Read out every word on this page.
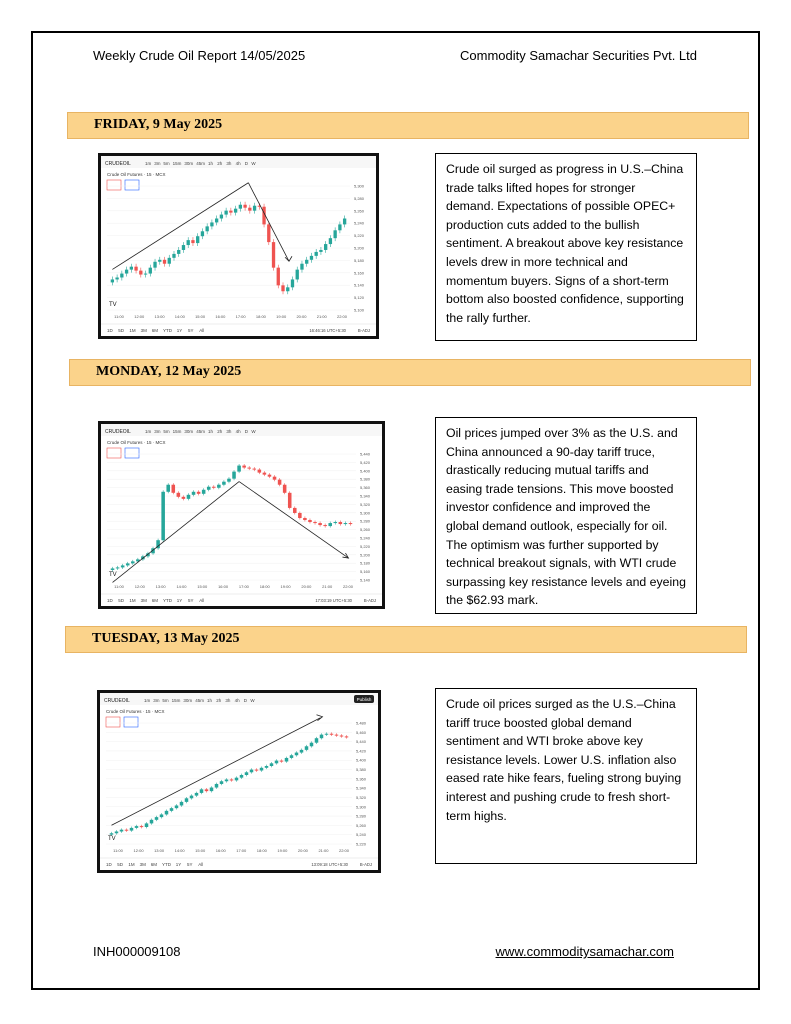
Weekly Crude Oil Report 14/05/2025	Commodity Samachar Securities Pvt. Ltd
FRIDAY, 9 May 2025
CRUDEOIL	1m 3m 5m 15m 30m 45m 1h 2h 3h 4h D W
Crude Oil Futures · 15 · MCX
5,300
5,280
5,260
5,240
5,220
5,200
5,180
5,160
5,140
5,120
5,100
11:00	12:00	13:00	14:00	15:00	16:00	17:00	18:00	19:00	20:00	21:00	22:00
TV
1D 5D 1M 3M 6M YTD 1Y 5Y All	16:46:16 UTC+5:30	B-ADJ
Crude oil surged as progress in U.S.–China trade talks lifted hopes for stronger demand. Expectations of possible OPEC+ production cuts added to the bullish sentiment. A breakout above key resistance levels drew in more technical and momentum buyers. Signs of a short-term bottom also boosted confidence, supporting the rally further.
MONDAY, 12 May 2025
CRUDEOIL	1m 3m 5m 15m 30m 45m 1h 2h 3h 4h D W
Crude Oil Futures · 15 · MCX
5,440
5,420
5,400
5,380
5,360
5,340
5,320
5,300
5,280
5,260
5,240
5,220
5,200
5,180
5,160
5,140
11:00	12:00	13:00	14:00	15:00	16:00	17:00	18:00	19:00	20:00	21:00	22:00
TV
1D 5D 1M 3M 6M YTD 1Y 5Y All	17:03:19 UTC+5:30	B-ADJ
Oil prices jumped over 3% as the U.S. and China announced a 90-day tariff truce, drastically reducing mutual tariffs and easing trade tensions. This move boosted investor confidence and improved the global demand outlook, especially for oil. The optimism was further supported by technical breakout signals, with WTI crude surpassing key resistance levels and eyeing the $62.93 mark.
TUESDAY, 13 May 2025
CRUDEOIL	1m 3m 5m 15m 30m 45m 1h 2h 3h 4h D W	Publish
Crude Oil Futures · 15 · MCX
5,480
5,460
5,440
5,420
5,400
5,380
5,360
5,340
5,320
5,300
5,280
5,260
5,240
5,220
11:00	12:00	13:00	14:00	15:00	16:00	17:00	18:00	19:00	20:00	21:00	22:00
TV
1D 5D 1M 3M 6M YTD 1Y 5Y All	13:09:18 UTC+5:30	B-ADJ
Crude oil prices surged as the U.S.–China tariff truce boosted global demand sentiment and WTI broke above key resistance levels. Lower U.S. inflation also eased rate hike fears, fueling strong buying interest and pushing crude to fresh short-term highs.
INH000009108	www.commoditysamachar.com
